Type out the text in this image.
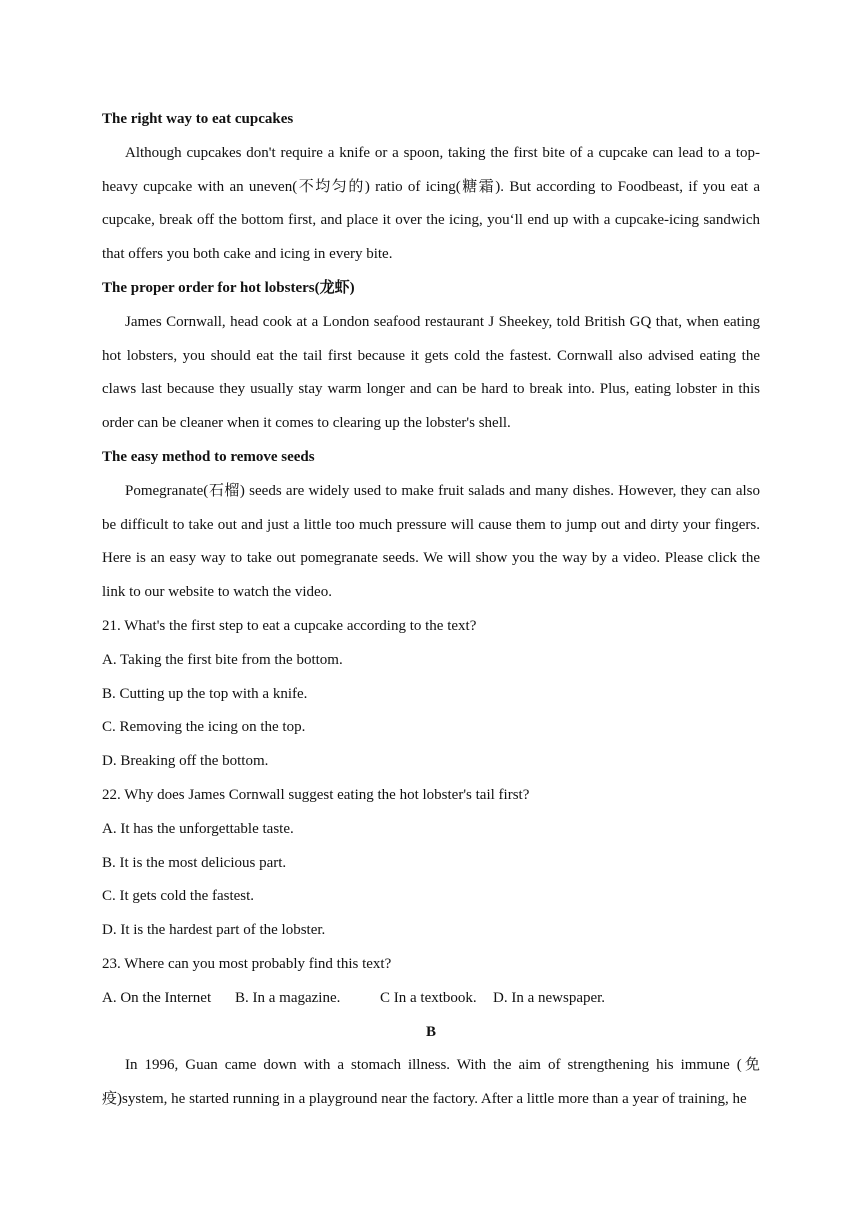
The right way to eat cupcakes
Although cupcakes don't require a knife or a spoon, taking the first bite of a cupcake can lead to a top-heavy cupcake with an uneven(不均匀的) ratio of icing(糖霜). But according to Foodbeast, if you eat a cupcake, break off the bottom first, and place it over the icing, you‘ll end up with a cupcake-icing sandwich that offers you both cake and icing in every bite.
The proper order for hot lobsters(龙虾)
James Cornwall, head cook at a London seafood restaurant J Sheekey, told British GQ that, when eating hot lobsters, you should eat the tail first because it gets cold the fastest. Cornwall also advised eating the claws last because they usually stay warm longer and can be hard to break into. Plus, eating lobster in this order can be cleaner when it comes to clearing up the lobster's shell.
The easy method to remove seeds
Pomegranate(石榴) seeds are widely used to make fruit salads and many dishes. However, they can also be difficult to take out and just a little too much pressure will cause them to jump out and dirty your fingers. Here is an easy way to take out pomegranate seeds. We will show you the way by a video. Please click the link to our website to watch the video.
21. What's the first step to eat a cupcake according to the text?
A. Taking the first bite from the bottom.
B. Cutting up the top with a knife.
C. Removing the icing on the top.
D. Breaking off the bottom.
22. Why does James Cornwall suggest eating the hot lobster's tail first?
A. It has the unforgettable taste.
B. It is the most delicious part.
C. It gets cold the fastest.
D. It is the hardest part of the lobster.
23. Where can you most probably find this text?
A. On the Internet B. In a magazine.	C In a textbook. D. In a newspaper.
B
In 1996, Guan came down with a stomach illness. With the aim of strengthening his immune (免疫)system, he started running in a playground near the factory. After a little more than a year of training, he
